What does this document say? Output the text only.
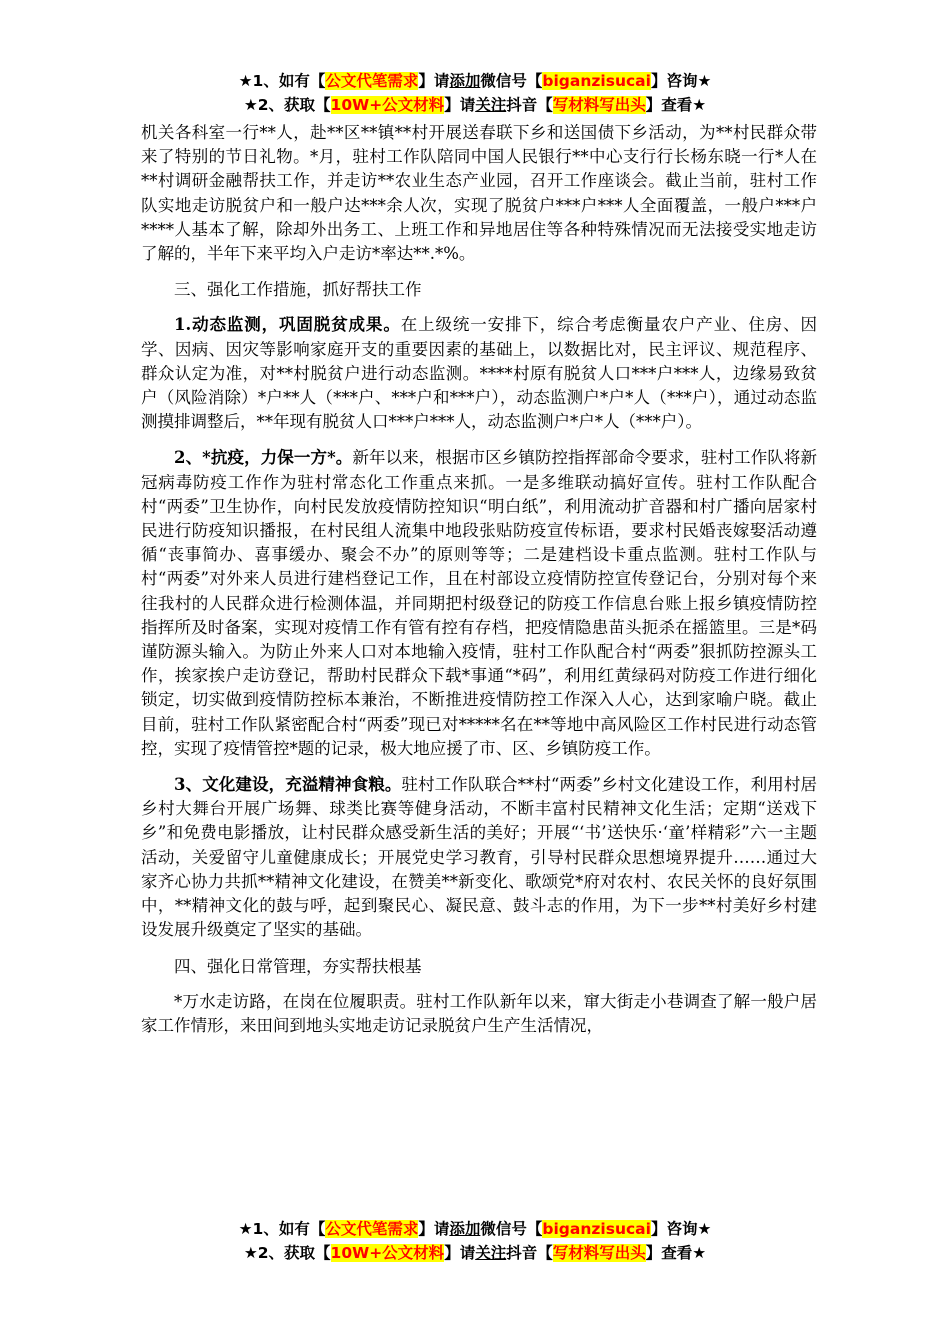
★1、如有【公文代笔需求】请添加微信号【biganzisucai】咨询★
★2、获取【10W+公文材料】请关注抖音【写材料写出头】查看★

机关各科室一行**人，赴**区**镇**村开展送春联下乡和送国债下乡活动，为**村民群众带来了特别的节日礼物。*月，驻村工作队陪同中国人民银行**中心支行行长杨东晓一行*人在**村调研金融帮扶工作，并走访**农业生态产业园，召开工作座谈会。截止当前，驻村工作队实地走访脱贫户和一般户达***余人次，实现了脱贫户***户***人全面覆盖，一般户***户****人基本了解，除却外出务工、上班工作和异地居住等各种特殊情况而无法接受实地走访了解的，半年下来平均入户走访*率达**.*%。

三、强化工作措施，抓好帮扶工作

1.动态监测，巩固脱贫成果。在上级统一安排下，综合考虑衡量农户产业、住房、因学、因病、因灾等影响家庭开支的重要因素的基础上，以数据比对，民主评议、规范程序、群众认定为准，对**村脱贫户进行动态监测。****村原有脱贫人口***户***人，边缘易致贫户（风险消除）*户**人（***户、***户和***户），动态监测户*户*人（***户），通过动态监测摸排调整后，**年现有脱贫人口***户***人，动态监测户*户*人（***户）。

2、*抗疫，力保一方*。新年以来，根据市区乡镇防控指挥部命令要求，驻村工作队将新冠病毒防疫工作作为驻村常态化工作重点来抓。一是多维联动搞好宣传。驻村工作队配合村“两委”卫生协作，向村民发放疫情防控知识“明白纸”，利用流动扩音器和村广播向居家村民进行防疫知识播报，在村民组人流集中地段张贴防疫宣传标语，要求村民婚丧嫁娶活动遵循“丧事简办、喜事缓办、聚会不办”的原则等等；二是建档设卡重点监测。驻村工作队与村“两委”对外来人员进行建档登记工作，且在村部设立疫情防控宣传登记台，分别对每个来往我村的人民群众进行检测体温，并同期把村级登记的防疫工作信息台账上报乡镇疫情防控指挥所及时备案，实现对疫情工作有管有控有存档，把疫情隐患苗头扼杀在摇篮里。三是*码谨防源头输入。为防止外来人口对本地输入疫情，驻村工作队配合村“两委”狠抓防控源头工作，挨家挨户走访登记，帮助村民群众下载*事通“*码”，利用红黄绿码对防疫工作进行细化锁定，切实做到疫情防控标本兼治，不断推进疫情防控工作深入人心，达到家喻户晓。截止目前，驻村工作队紧密配合村“两委”现已对*****名在**等地中高风险区工作村民进行动态管控，实现了疫情管控*题的记录，极大地应援了市、区、乡镇防疫工作。

3、文化建设，充溢精神食粮。驻村工作队联合**村“两委”乡村文化建设工作，利用村居乡村大舞台开展广场舞、球类比赛等健身活动，不断丰富村民精神文化生活；定期“送戏下乡”和免费电影播放，让村民群众感受新生活的美好；开展“‘书’送快乐·‘童’样精彩”六一主题活动，关爱留守儿童健康成长；开展党史学习教育，引导村民群众思想境界提升……通过大家齐心协力共抓**精神文化建设，在赞美**新变化、歌颂党*府对农村、农民关怀的良好氛围中，**精神文化的鼓与呼，起到聚民心、凝民意、鼓斗志的作用，为下一步**村美好乡村建设发展升级奠定了坚实的基础。

四、强化日常管理，夯实帮扶根基

*万水走访路，在岗在位履职责。驻村工作队新年以来，窜大街走小巷调查了解一般户居家工作情形，来田间到地头实地走访记录脱贫户生产生活情况，

★1、如有【公文代笔需求】请添加微信号【biganzisucai】咨询★
★2、获取【10W+公文材料】请关注抖音【写材料写出头】查看★
